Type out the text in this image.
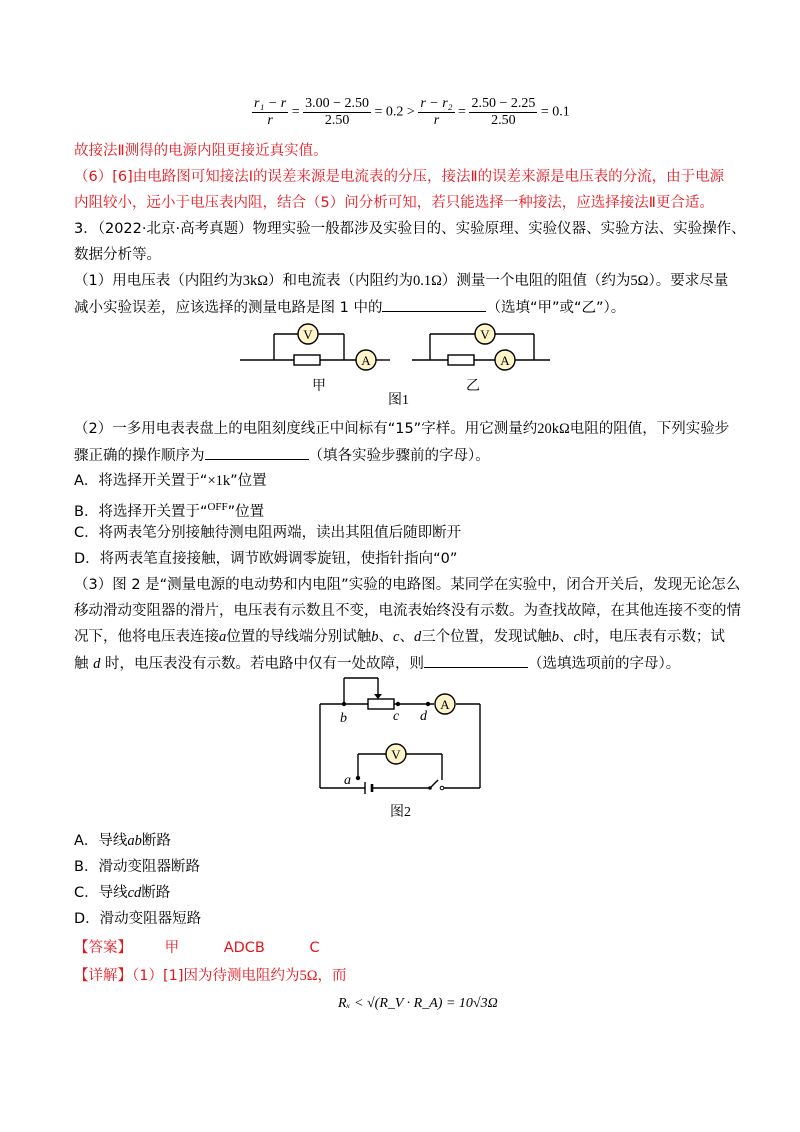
$\frac{\text{r₁ − r}}{r} = \frac{3.00 - 2.50}{2.50} = 0.2 > \frac{\text{r − r₂}}{r} = \frac{2.50 - 2.25}{2.50} = 0.1$
故接法Ⅱ测得的电源内阻更接近真实值。
（6）[6]由电路图可知接法Ⅰ的误差来源是电流表的分压，接法Ⅱ的误差来源是电压表的分流，由于电源
内阻较小，远小于电压表内阻，结合（5）问分析可知，若只能选择一种接法，应选择接法Ⅱ更合适。
3．（2022·北京·高考真题）物理实验一般都涉及实验目的、实验原理、实验仪器、实验方法、实验操作、
数据分析等。
（1）用电压表（内阻约为3kΩ）和电流表（内阻约为0.1Ω）测量一个电阻的阻值（约为5Ω）。要求尽量
减小实验误差，应该选择的测量电路是图 1 中的	（选填“甲”或“乙”）。
V
A
甲
V
A
乙
图1
（2）一多用电表表盘上的电阻刻度线正中间标有“15”字样。用它测量约20kΩ电阻的阻值，下列实验步
骤正确的操作顺序为	（填各实验步骤前的字母）。
A．将选择开关置于“×1k”位置
B．将选择开关置于“$^{OFF}$”位置
C．将两表笔分别接触待测电阻两端，读出其阻值后随即断开
D．将两表笔直接接触，调节欧姆调零旋钮，使指针指向“0”
（3）图 2 是“测量电源的电动势和内电阻”实验的电路图。某同学在实验中，闭合开关后，发现无论怎么
移动滑动变阻器的滑片，电压表有示数且不变，电流表始终没有示数。为查找故障，在其他连接不变的情
况下，他将电压表连接a位置的导线端分别试触b、c、d三个位置，发现试触b、c时，电压表有示数；试
触 d 时，电压表没有示数。若电路中仅有一处故障，则	（选填选项前的字母）。
A
V
b	c d
a
图2
A．导线ab断路
B．滑动变阻器断路
C．导线cd断路
D．滑动变阻器短路
【答案】 甲	ADCB	C
【详解】（1）[1]因为待测电阻约为5Ω，而
Rₓ < √(R_V · R_A) = 10√3Ω
